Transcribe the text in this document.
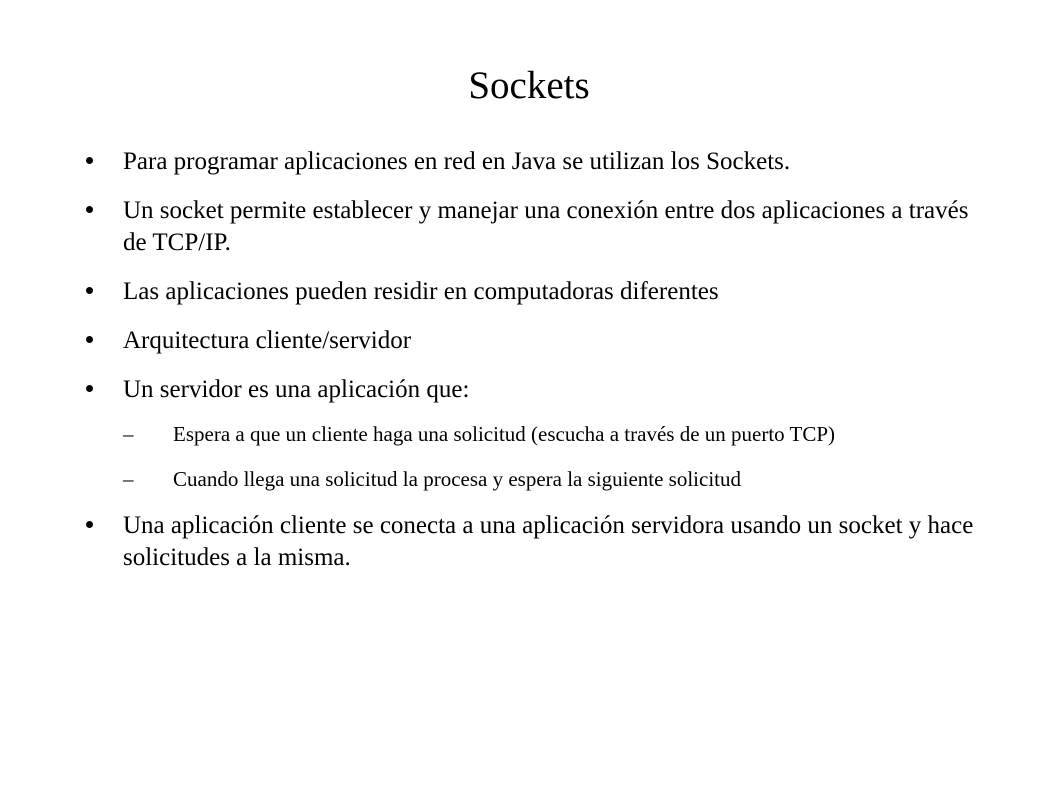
Sockets
Para programar aplicaciones en red en Java se utilizan los Sockets.
Un socket permite establecer y manejar una conexión entre dos aplicaciones a través de TCP/IP.
Las aplicaciones pueden residir en computadoras diferentes
Arquitectura cliente/servidor
Un servidor es una aplicación que:
–	Espera a que un cliente haga una solicitud (escucha a través de un puerto TCP)
–	Cuando llega una solicitud la procesa y espera la siguiente solicitud
Una aplicación cliente se conecta a una aplicación servidora usando un socket y hace solicitudes a la misma.
